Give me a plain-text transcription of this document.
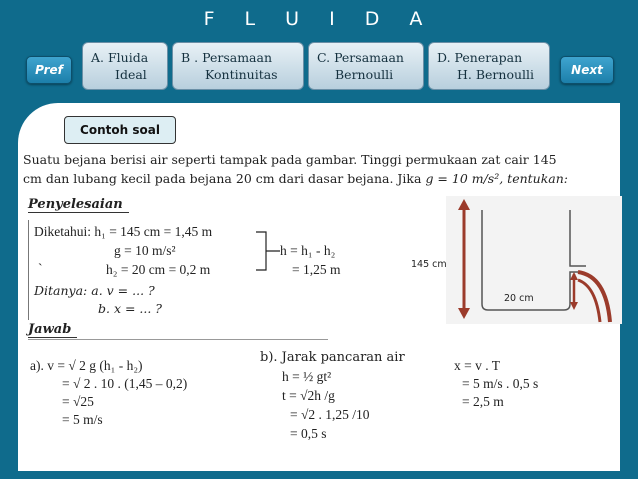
F L U I D A
Pref	Next
A. Fluida
Ideal
B . Persamaan
Kontinuitas
C. Persamaan
Bernoulli
D. Penerapan
H. Bernoulli
Contoh soal
Suatu bejana berisi air seperti tampak pada gambar. Tinggi permukaan zat cair 145
cm dan lubang kecil pada bejana 20 cm dari dasar bejana. Jika g = 10 m/s², tentukan:
Penyelesaian
Diketahui: h₁ = 145 cm = 1,45 m
g = 10 m/s²
`	h₂ = 20 cm = 0,2 m
h = h₁ - h₂
= 1,25 m
Ditanya: a. v = ... ?
b. x = ... ?
Jawab
a). v = √ 2 g (h₁ - h₂)
= √ 2 . 10 . (1,45 – 0,2)
= √25
= 5 m/s
b). Jarak pancaran air
h = ½ gt²
t = √2h /g
= √2 . 1,25 /10
= 0,5 s
x = v . T
= 5 m/s . 0,5 s
= 2,5 m
145 cm
20 cm
